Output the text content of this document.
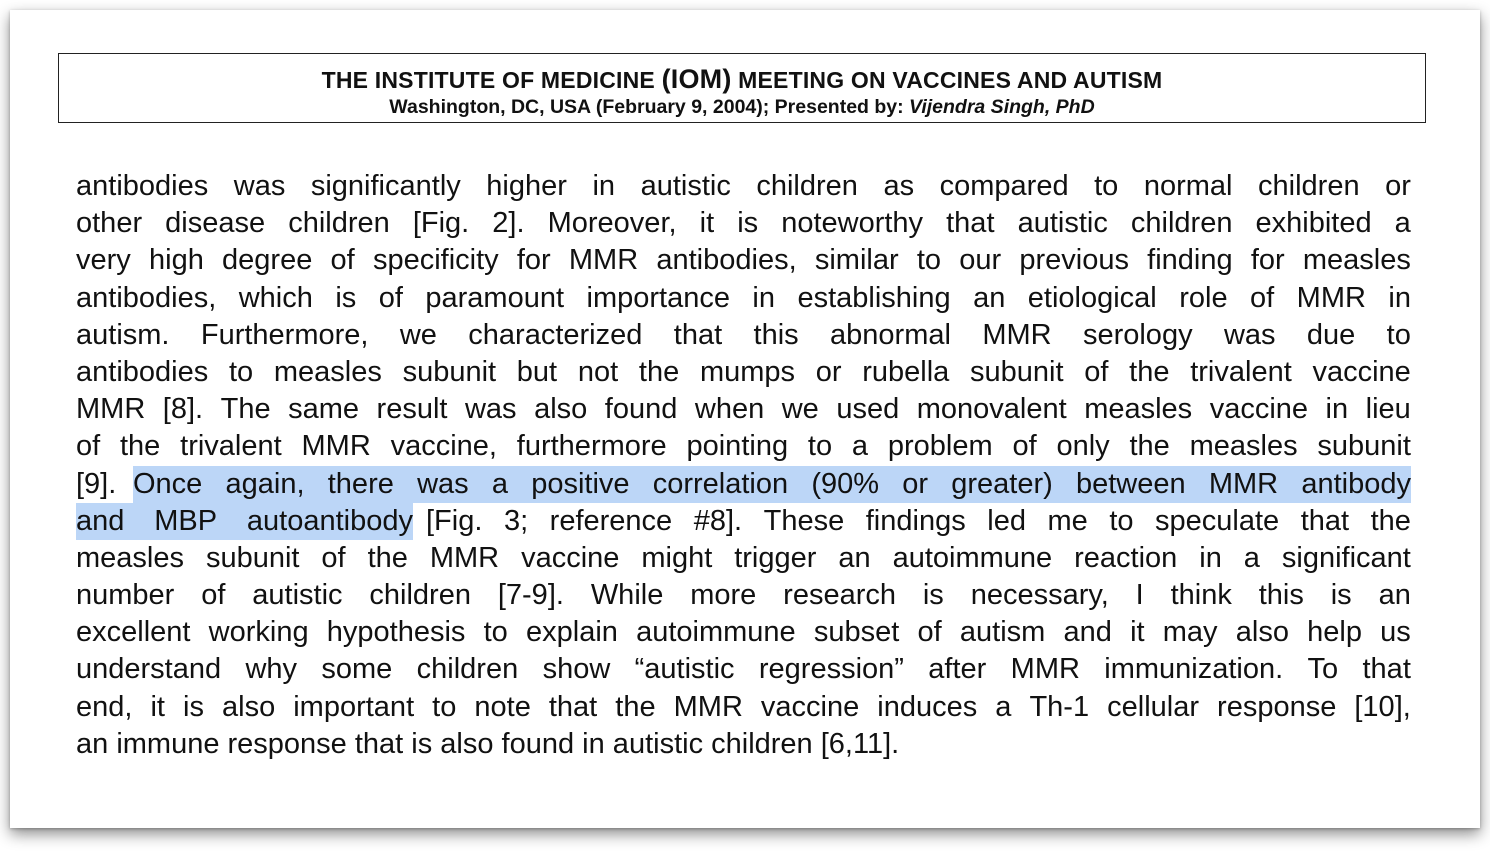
THE INSTITUTE OF MEDICINE (IOM) MEETING ON VACCINES AND AUTISM
Washington, DC, USA (February 9, 2004); Presented by: Vijendra Singh, PhD
antibodies was significantly higher in autistic children as compared to normal children or
other disease children [Fig. 2]. Moreover, it is noteworthy that autistic children exhibited a
very high degree of specificity for MMR antibodies, similar to our previous finding for measles
antibodies, which is of paramount importance in establishing an etiological role of MMR in
autism. Furthermore, we characterized that this abnormal MMR serology was due to
antibodies to measles subunit but not the mumps or rubella subunit of the trivalent vaccine
MMR [8]. The same result was also found when we used monovalent measles vaccine in lieu
of the trivalent MMR vaccine, furthermore pointing to a problem of only the measles subunit
[9]. Once again, there was a positive correlation (90% or greater) between MMR antibody
and MBP autoantibody [Fig. 3; reference #8]. These findings led me to speculate that the
measles subunit of the MMR vaccine might trigger an autoimmune reaction in a significant
number of autistic children [7-9]. While more research is necessary, I think this is an
excellent working hypothesis to explain autoimmune subset of autism and it may also help us
understand why some children show “autistic regression” after MMR immunization. To that
end, it is also important to note that the MMR vaccine induces a Th-1 cellular response [10],
an immune response that is also found in autistic children [6,11].
